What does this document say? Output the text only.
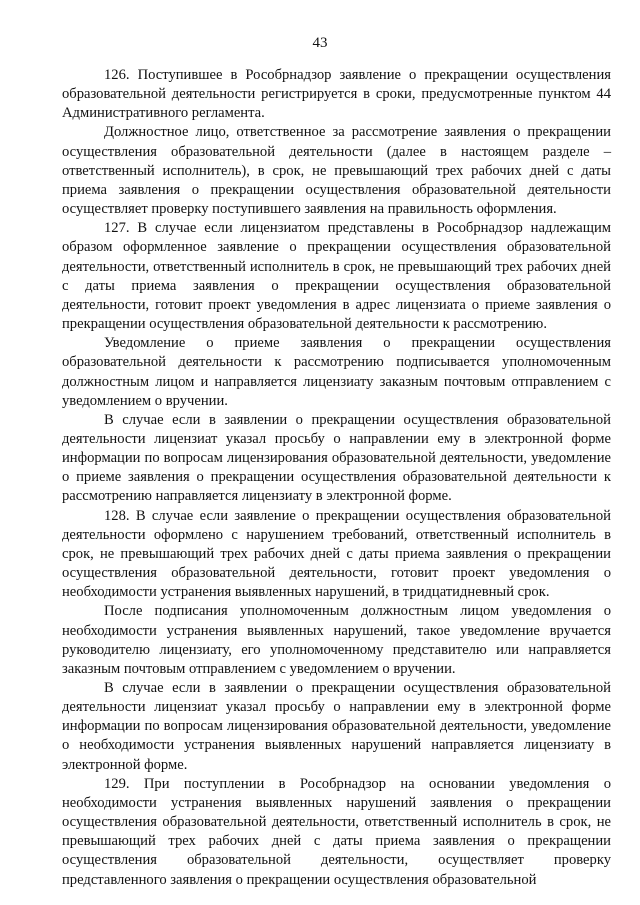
43

126. Поступившее в Рособрнадзор заявление о прекращении осуществления образовательной деятельности регистрируется в сроки, предусмотренные пунктом 44 Административного регламента.

Должностное лицо, ответственное за рассмотрение заявления о прекращении осуществления образовательной деятельности (далее в настоящем разделе – ответственный исполнитель), в срок, не превышающий трех рабочих дней с даты приема заявления о прекращении осуществления образовательной деятельности осуществляет проверку поступившего заявления на правильность оформления.

127. В случае если лицензиатом представлены в Рособрнадзор надлежащим образом оформленное заявление о прекращении осуществления образовательной деятельности, ответственный исполнитель в срок, не превышающий трех рабочих дней с даты приема заявления о прекращении осуществления образовательной деятельности, готовит проект уведомления в адрес лицензиата о приеме заявления о прекращении осуществления образовательной деятельности к рассмотрению.

Уведомление о приеме заявления о прекращении осуществления образовательной деятельности к рассмотрению подписывается уполномоченным должностным лицом и направляется лицензиату заказным почтовым отправлением с уведомлением о вручении.

В случае если в заявлении о прекращении осуществления образовательной деятельности лицензиат указал просьбу о направлении ему в электронной форме информации по вопросам лицензирования образовательной деятельности, уведомление о приеме заявления о прекращении осуществления образовательной деятельности к рассмотрению направляется лицензиату в электронной форме.

128. В случае если заявление о прекращении осуществления образовательной деятельности оформлено с нарушением требований, ответственный исполнитель в срок, не превышающий трех рабочих дней с даты приема заявления о прекращении осуществления образовательной деятельности, готовит проект уведомления о необходимости устранения выявленных нарушений, в тридцатидневный срок.

После подписания уполномоченным должностным лицом уведомления о необходимости устранения выявленных нарушений, такое уведомление вручается руководителю лицензиату, его уполномоченному представителю или направляется заказным почтовым отправлением с уведомлением о вручении.

В случае если в заявлении о прекращении осуществления образовательной деятельности лицензиат указал просьбу о направлении ему в электронной форме информации по вопросам лицензирования образовательной деятельности, уведомление о необходимости устранения выявленных нарушений направляется лицензиату в электронной форме.

129. При поступлении в Рособрнадзор на основании уведомления о необходимости устранения выявленных нарушений заявления о прекращении осуществления образовательной деятельности, ответственный исполнитель в срок, не превышающий трех рабочих дней с даты приема заявления о прекращении осуществления образовательной деятельности, осуществляет проверку представленного заявления о прекращении осуществления образовательной
